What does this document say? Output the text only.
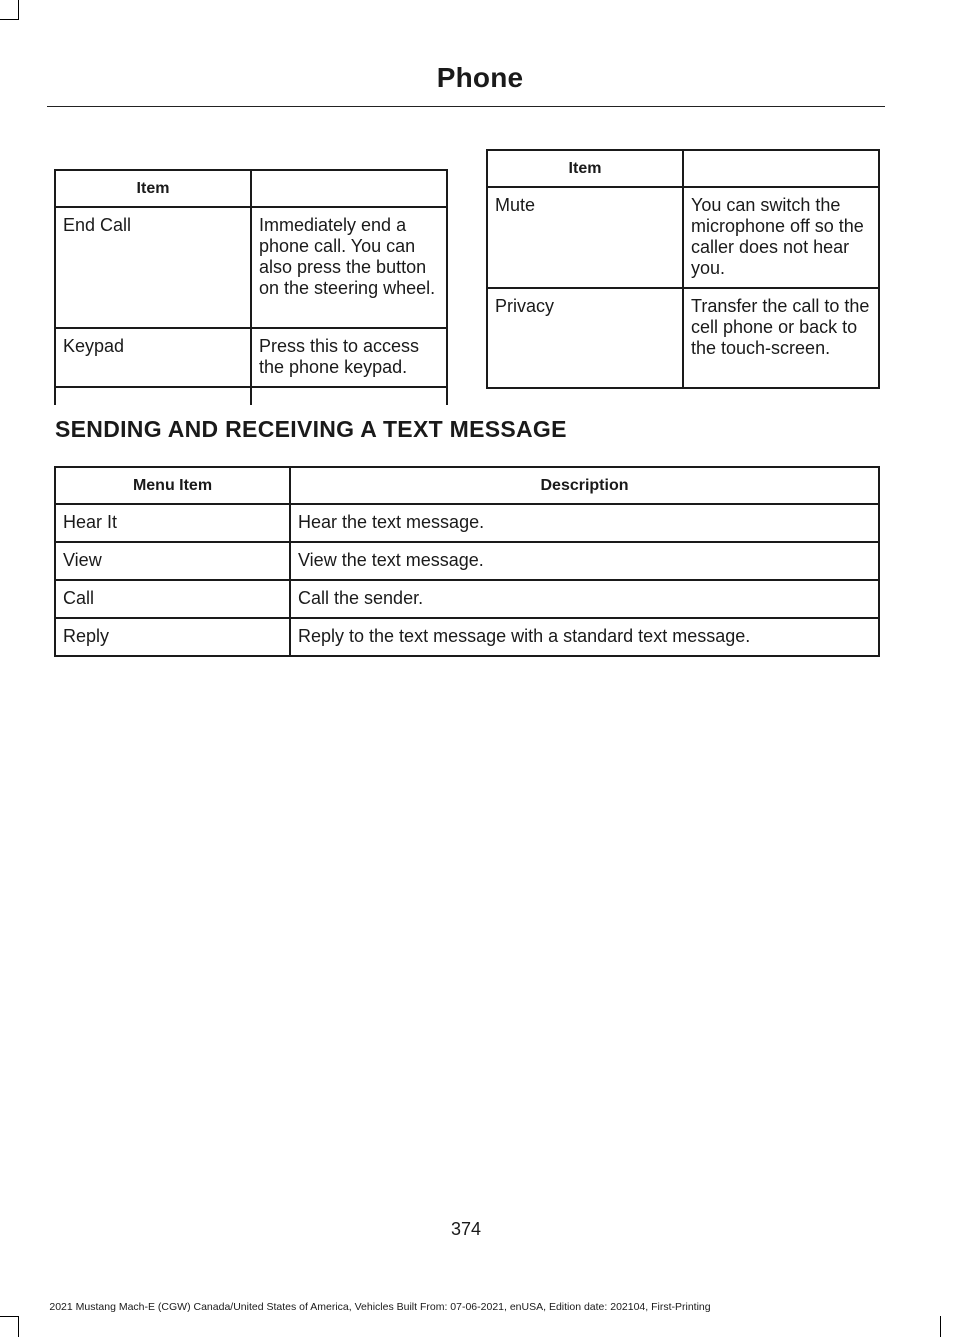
Phone
Item	
End Call	Immediately end a phone call. You can also press the button on the steering wheel.
Keypad	Press this to access the phone keypad.

Item	
Mute	You can switch the microphone off so the caller does not hear you.
Privacy	Transfer the call to the cell phone or back to the touch-screen.
SENDING AND RECEIVING A TEXT MESSAGE
Menu Item	Description
Hear It	Hear the text message.
View	View the text message.
Call	Call the sender.
Reply	Reply to the text message with a standard text message.
374
2021 Mustang Mach-E (CGW) Canada/United States of America, Vehicles Built From: 07-06-2021, enUSA, Edition date: 202104, First-Printing
